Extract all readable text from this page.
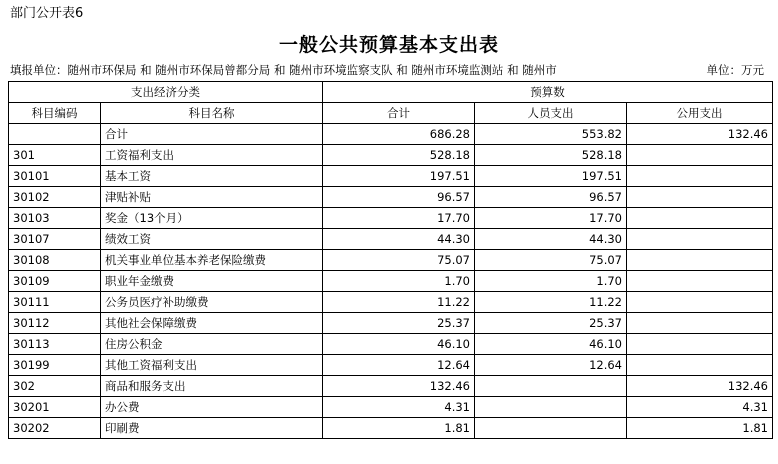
部门公开表6
一般公共预算基本支出表
填报单位：随州市环保局 和 随州市环保局曾都分局 和 随州市环境监察支队 和 随州市环境监测站 和 随州市	单位：万元
支出经济分类		预算数		
科目编码	科目名称	合计	人员支出	公用支出
	合计	686.28	553.82	132.46
301	工资福利支出	528.18	528.18	
30101	基本工资	197.51	197.51	
30102	津贴补贴	96.57	96.57	
30103	奖金（13个月）	17.70	17.70	
30107	绩效工资	44.30	44.30	
30108	机关事业单位基本养老保险缴费	75.07	75.07	
30109	职业年金缴费	1.70	1.70	
30111	公务员医疗补助缴费	11.22	11.22	
30112	其他社会保障缴费	25.37	25.37	
30113	住房公积金	46.10	46.10	
30199	其他工资福利支出	12.64	12.64	
302	商品和服务支出	132.46		132.46
30201	办公费	4.31		4.31
30202	印刷费	1.81		1.81
